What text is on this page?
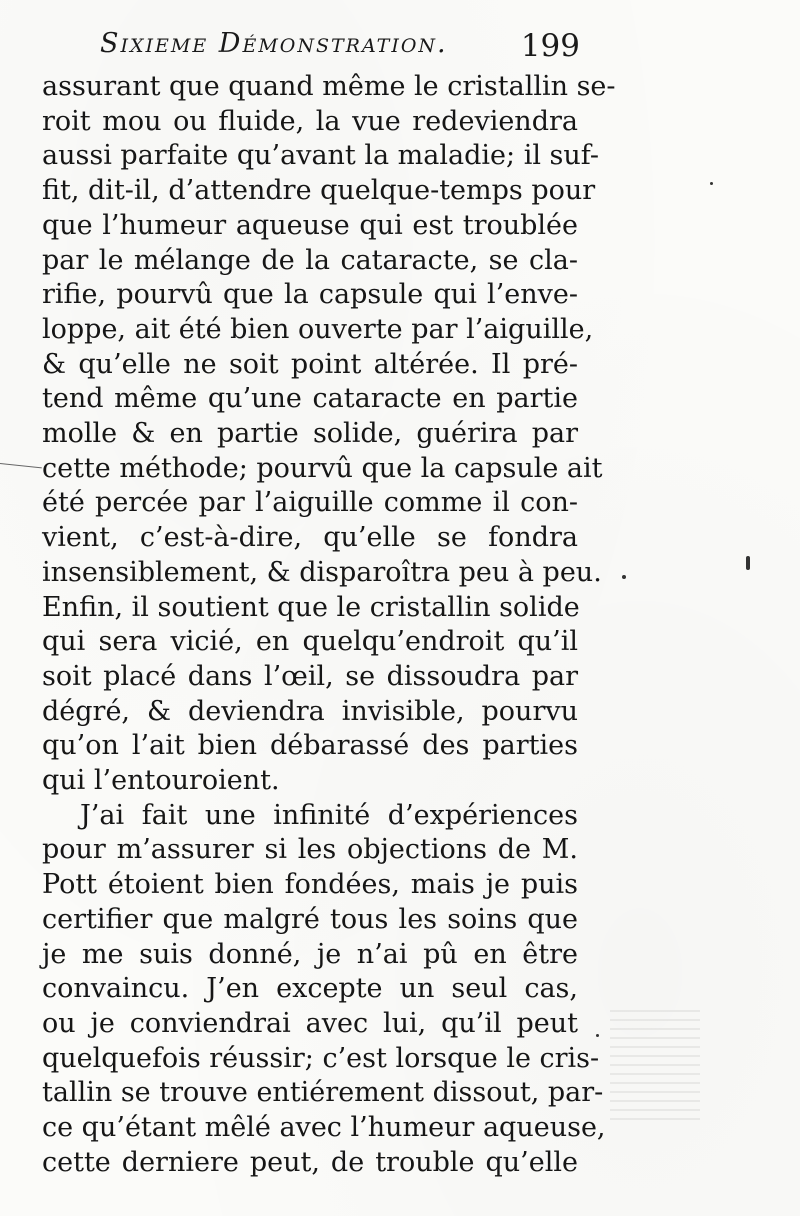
Sixieme Démonstration. 199
assurant que quand même le cristallin se-
roit mou ou fluide, la vue redeviendra
aussi parfaite qu’avant la maladie; il suf-
fit, dit-il, d’attendre quelque-temps pour
que l’humeur aqueuse qui est troublée
par le mélange de la cataracte, se cla-
rifie, pourvû que la capsule qui l’enve-
loppe, ait été bien ouverte par l’aiguille,
& qu’elle ne soit point altérée. Il pré-
tend même qu’une cataracte en partie
molle & en partie solide, guérira par
cette méthode; pourvû que la capsule ait
été percée par l’aiguille comme il con-
vient, c’est-à-dire, qu’elle se fondra
insensiblement, & disparoîtra peu à peu.
Enfin, il soutient que le cristallin solide
qui sera vicié, en quelqu’endroit qu’il
soit placé dans l’œil, se dissoudra par
dégré, & deviendra invisible, pourvu
qu’on l’ait bien débarassé des parties
qui l’entouroient.
J’ai fait une infinité d’expériences
pour m’assurer si les objections de M.
Pott étoient bien fondées, mais je puis
certifier que malgré tous les soins que
je me suis donné, je n’ai pû en être
convaincu. J’en excepte un seul cas,
ou je conviendrai avec lui, qu’il peut
quelquefois réussir; c’est lorsque le cris-
tallin se trouve entiérement dissout, par-
ce qu’étant mêlé avec l’humeur aqueuse,
cette derniere peut, de trouble qu’elle
